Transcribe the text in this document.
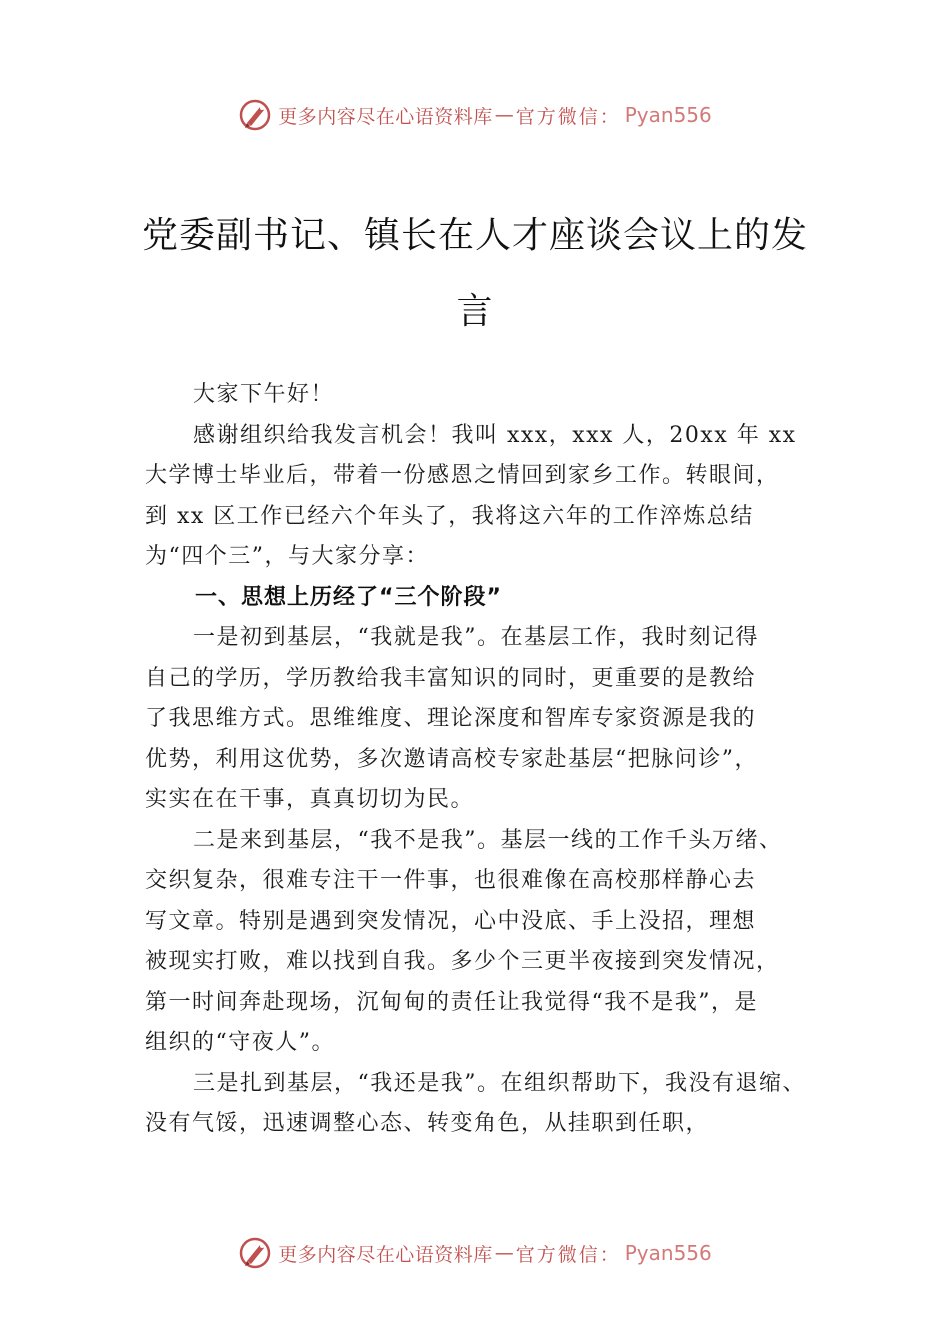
更多内容尽在心语资料库 — 官方微信： Pyan556
党委副书记、镇长在人才座谈会议上的发
言

大家下午好！

感谢组织给我发言机会！我叫 xxx，xxx 人，20xx 年 xx
大学博士毕业后，带着一份感恩之情回到家乡工作。转眼间，
到 xx 区工作已经六个年头了，我将这六年的工作淬炼总结
为“四个三”，与大家分享：

一、思想上历经了“三个阶段”

一是初到基层，“我就是我”。在基层工作，我时刻记得
自己的学历，学历教给我丰富知识的同时，更重要的是教给
了我思维方式。思维维度、理论深度和智库专家资源是我的
优势，利用这优势，多次邀请高校专家赴基层“把脉问诊”，
实实在在干事，真真切切为民。

二是来到基层，“我不是我”。基层一线的工作千头万绪、
交织复杂，很难专注干一件事，也很难像在高校那样静心去
写文章。特别是遇到突发情况，心中没底、手上没招，理想
被现实打败，难以找到自我。多少个三更半夜接到突发情况，
第一时间奔赴现场，沉甸甸的责任让我觉得“我不是我”，是
组织的“守夜人”。

三是扎到基层，“我还是我”。在组织帮助下，我没有退缩、
没有气馁，迅速调整心态、转变角色，从挂职到任职，

更多内容尽在心语资料库 — 官方微信： Pyan556
